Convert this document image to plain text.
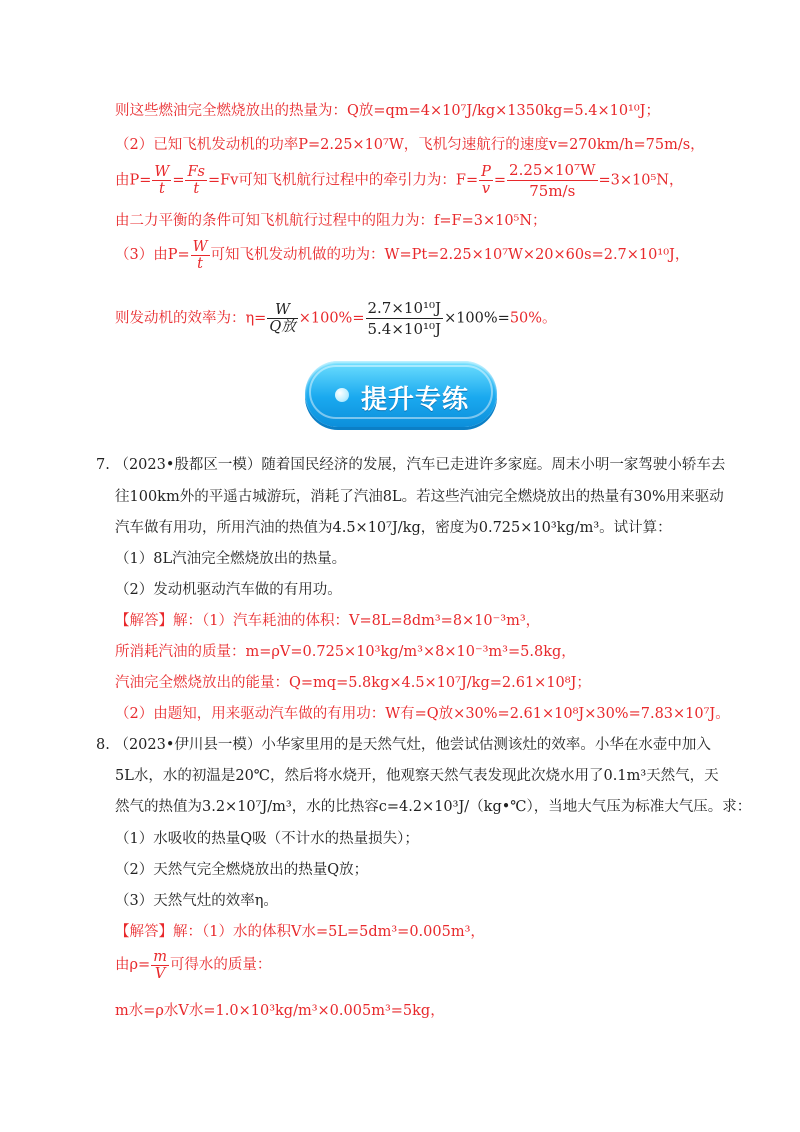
则这些燃油完全燃烧放出的热量为：Q放=qm=4×10⁷J/kg×1350kg=5.4×10¹⁰J；
（2）已知飞机发动机的功率P=2.25×10⁷W，飞机匀速航行的速度v=270km/h=75m/s，
由$P= \frac{W}{t} = \frac{Fs}{t} =Fv$可知飞机航行过程中的牵引力为：$F= \frac{P}{v} = \frac{\text{2.25×10⁷W}}{75m/s} =3\times 10^5N$，
由二力平衡的条件可知飞机航行过程中的阻力为：f=F=3×10⁵N；
（3）由$P= \frac{W}{t}$ 可知飞机发动机做的功为：W=Pt=2.25×10⁷W×20×60s=2.7×10¹⁰J，
则发动机的效率为：$\eta= \frac{W}{\text{Q放}} \times 100\%= \frac{\text{2.7×10¹⁰J}}{\text{5.4×10¹⁰J}} \times 100\%=50\%$。
提升专练
7. （2023•殷都区一模）随着国民经济的发展，汽车已走进许多家庭。周末小明一家驾驶小轿车去
往100km外的平遥古城游玩，消耗了汽油8L。若这些汽油完全燃烧放出的热量有30%用来驱动
汽车做有用功，所用汽油的热值为4.5×10⁷J/kg，密度为0.725×10³kg/m³。试计算：
（1）8L汽油完全燃烧放出的热量。
（2）发动机驱动汽车做的有用功。
【解答】解：（1）汽车耗油的体积：V=8L=8dm³=8×10⁻³m³，
所消耗汽油的质量：m=ρV=0.725×10³kg/m³×8×10⁻³m³=5.8kg，
汽油完全燃烧放出的能量：Q=mq=5.8kg×4.5×10⁷J/kg=2.61×10⁸J；
（2）由题知，用来驱动汽车做的有用功：W有=Q放×30%=2.61×10⁸J×30%=7.83×10⁷J。
8. （2023•伊川县一模）小华家里用的是天然气灶，他尝试估测该灶的效率。小华在水壶中加入
5L水，水的初温是20℃，然后将水烧开，他观察天然气表发现此次烧水用了0.1m³天然气，天
然气的热值为3.2×10⁷J/m³，水的比热容c=4.2×10³J/（kg•℃），当地大气压为标准大气压。求：
（1）水吸收的热量Q吸（不计水的热量损失）；
（2）天然气完全燃烧放出的热量Q放；
（3）天然气灶的效率η。
【解答】解：（1）水的体积V水=5L=5dm³=0.005m³，
由$\rho= \frac{m}{V}$ 可得水的质量：
m水=ρ水V水=1.0×10³kg/m³×0.005m³=5kg，
